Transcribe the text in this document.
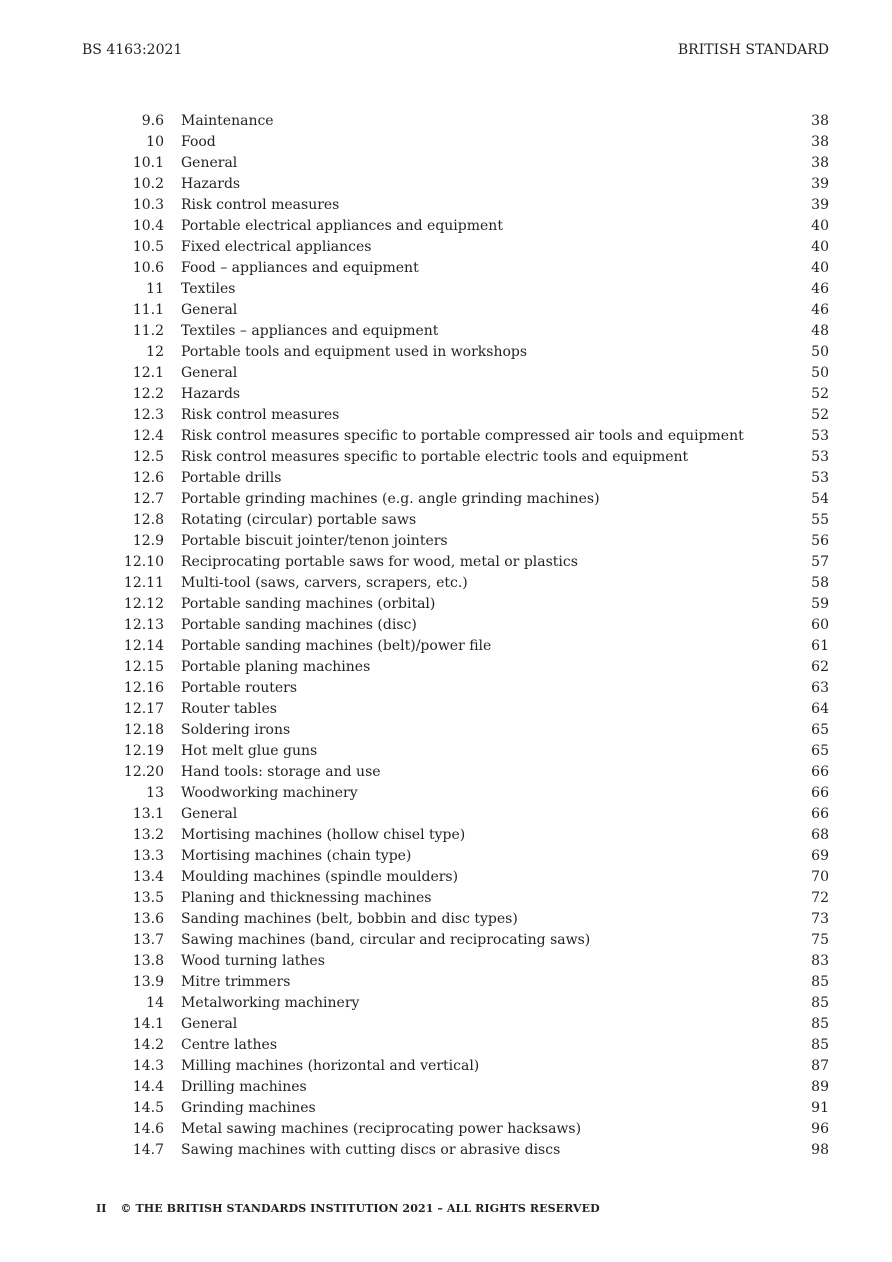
BS 4163:2021	BRITISH STANDARD
9.6 Maintenance	38
10 Food	38
10.1 General	38
10.2 Hazards	39
10.3 Risk control measures	39
10.4 Portable electrical appliances and equipment	40
10.5 Fixed electrical appliances	40
10.6 Food – appliances and equipment	40
11 Textiles	46
11.1 General	46
11.2 Textiles – appliances and equipment	48
12 Portable tools and equipment used in workshops	50
12.1 General	50
12.2 Hazards	52
12.3 Risk control measures	52
12.4 Risk control measures specific to portable compressed air tools and equipment	53
12.5 Risk control measures specific to portable electric tools and equipment	53
12.6 Portable drills	53
12.7 Portable grinding machines (e.g. angle grinding machines)	54
12.8 Rotating (circular) portable saws	55
12.9 Portable biscuit jointer/tenon jointers	56
12.10 Reciprocating portable saws for wood, metal or plastics	57
12.11 Multi-tool (saws, carvers, scrapers, etc.)	58
12.12 Portable sanding machines (orbital)	59
12.13 Portable sanding machines (disc)	60
12.14 Portable sanding machines (belt)/power file	61
12.15 Portable planing machines	62
12.16 Portable routers	63
12.17 Router tables	64
12.18 Soldering irons	65
12.19 Hot melt glue guns	65
12.20 Hand tools: storage and use	66
13 Woodworking machinery	66
13.1 General	66
13.2 Mortising machines (hollow chisel type)	68
13.3 Mortising machines (chain type)	69
13.4 Moulding machines (spindle moulders)	70
13.5 Planing and thicknessing machines	72
13.6 Sanding machines (belt, bobbin and disc types)	73
13.7 Sawing machines (band, circular and reciprocating saws)	75
13.8 Wood turning lathes	83
13.9 Mitre trimmers	85
14 Metalworking machinery	85
14.1 General	85
14.2 Centre lathes	85
14.3 Milling machines (horizontal and vertical)	87
14.4 Drilling machines	89
14.5 Grinding machines	91
14.6 Metal sawing machines (reciprocating power hacksaws)	96
14.7 Sawing machines with cutting discs or abrasive discs	98
II © THE BRITISH STANDARDS INSTITUTION 2021 – ALL RIGHTS RESERVED
